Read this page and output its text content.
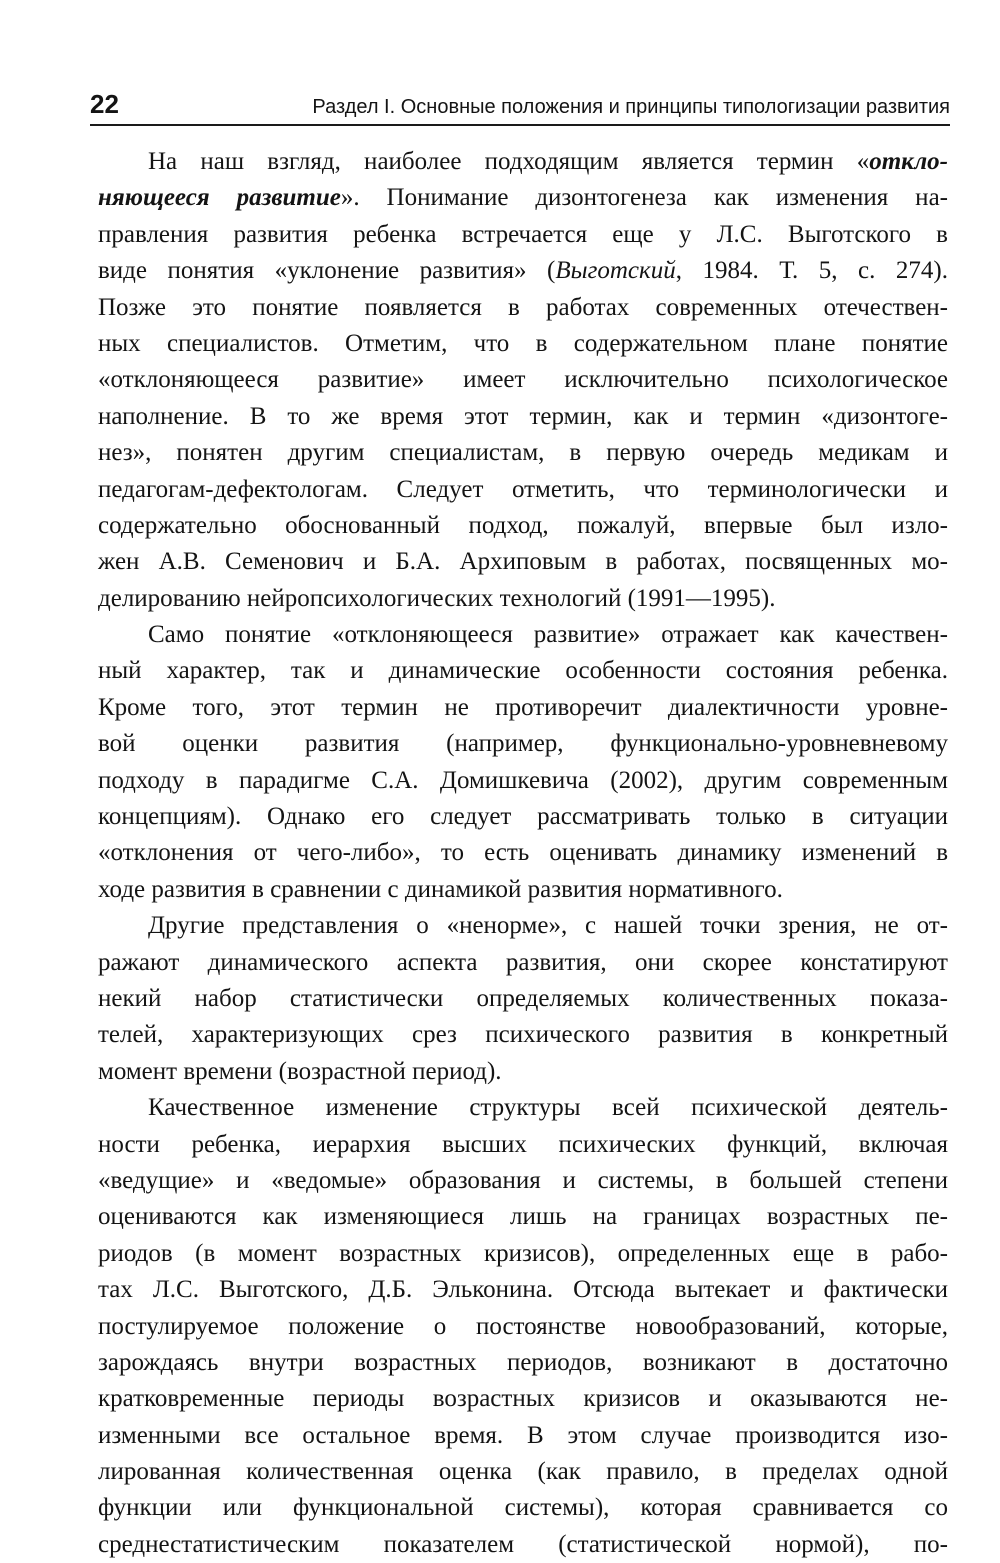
22	Раздел I. Основные положения и принципы типологизации развития
На наш взгляд, наиболее подходящим является термин «откло-
няющееся развитие». Понимание дизонтогенеза как изменения на-
правления развития ребенка встречается еще у Л.С. Выготского в
виде понятия «уклонение развития» (Выготский, 1984. Т. 5, с. 274).
Позже это понятие появляется в работах современных отечествен-
ных специалистов. Отметим, что в содержательном плане понятие
«отклоняющееся развитие» имеет исключительно психологическое
наполнение. В то же время этот термин, как и термин «дизонтоге-
нез», понятен другим специалистам, в первую очередь медикам и
педагогам-дефектологам. Следует отметить, что терминологически и
содержательно обоснованный подход, пожалуй, впервые был изло-
жен А.В. Семенович и Б.А. Архиповым в работах, посвященных мо-
делированию нейропсихологических технологий (1991—1995).
Само понятие «отклоняющееся развитие» отражает как качествен-
ный характер, так и динамические особенности состояния ребенка.
Кроме того, этот термин не противоречит диалектичности уровне-
вой оценки развития (например, функционально-уровневневому
подходу в парадигме С.А. Домишкевича (2002), другим современным
концепциям). Однако его следует рассматривать только в ситуации
«отклонения от чего-либо», то есть оценивать динамику изменений в
ходе развития в сравнении с динамикой развития нормативного.
Другие представления о «ненорме», с нашей точки зрения, не от-
ражают динамического аспекта развития, они скорее констатируют
некий набор статистически определяемых количественных показа-
телей, характеризующих срез психического развития в конкретный
момент времени (возрастной период).
Качественное изменение структуры всей психической деятель-
ности ребенка, иерархия высших психических функций, включая
«ведущие» и «ведомые» образования и системы, в большей степени
оцениваются как изменяющиеся лишь на границах возрастных пе-
риодов (в момент возрастных кризисов), определенных еще в рабо-
тах Л.С. Выготского, Д.Б. Эльконина. Отсюда вытекает и фактически
постулируемое положение о постоянстве новообразований, которые,
зарождаясь внутри возрастных периодов, возникают в достаточно
кратковременные периоды возрастных кризисов и оказываются не-
изменными все остальное время. В этом случае производится изо-
лированная количественная оценка (как правило, в пределах одной
функции или функциональной системы), которая сравнивается со
среднестатистическим показателем (статистической нормой), по-
